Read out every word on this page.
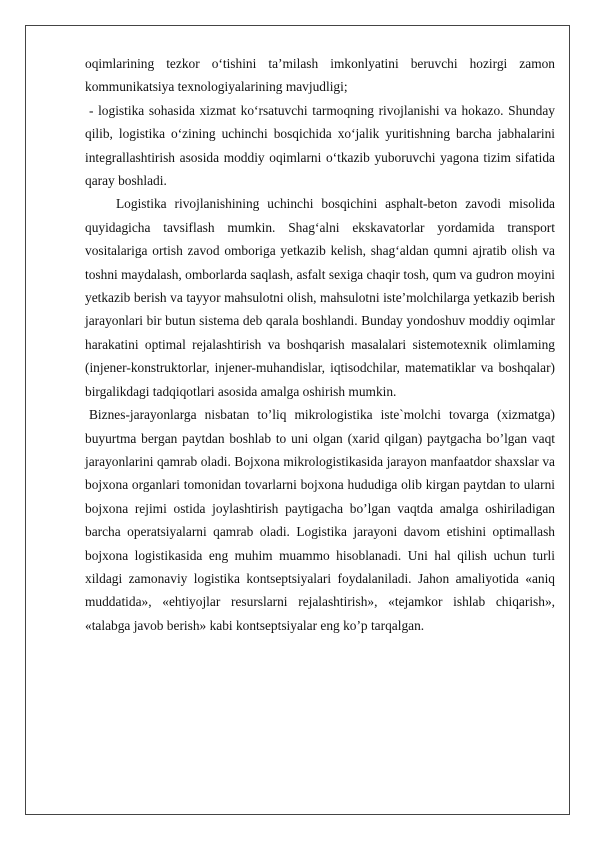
oqimlarining tezkor o‘tishini ta’milash imkonlyatini beruvchi hozirgi zamon kommunikatsiya texnologiyalarining mavjudligi;

- logistika sohasida xizmat ko‘rsatuvchi tarmoqning rivojlanishi va hokazo. Shunday qilib, logistika o‘zining uchinchi bosqichida xo‘jalik yuritishning barcha jabhalarini integrallashtirish asosida moddiy oqimlarni o‘tkazib yuboruvchi yagona tizim sifatida qaray boshladi.

Logistika rivojlanishining uchinchi bosqichini asphalt-beton zavodi misolida quyidagicha tavsiflash mumkin. Shag‘alni ekskavatorlar yordamida transport vositalariga ortish zavod omboriga yetkazib kelish, shag‘aldan qumni ajratib olish va toshni maydalash, omborlarda saqlash, asfalt sexiga chaqir tosh, qum va gudron moyini yetkazib berish va tayyor mahsulotni olish, mahsulotni iste’molchilarga yetkazib berish jarayonlari bir butun sistema deb qarala boshlandi. Bunday yondoshuv moddiy oqimlar harakatini optimal rejalashtirish va boshqarish masalalari sistemotexnik olimlaming (injener-konstruktorlar, injener-muhandislar, iqtisodchilar, matematiklar va boshqalar) birgalikdagi tadqiqotlari asosida amalga oshirish mumkin.

Biznes-jarayonlarga nisbatan to’liq mikrologistika iste`molchi tovarga (xizmatga) buyurtma bergan paytdan boshlab to uni olgan (xarid qilgan) paytgacha bo’lgan vaqt jarayonlarini qamrab oladi. Bojxona mikrologistikasida jarayon manfaatdor shaxslar va bojxona organlari tomonidan tovarlarni bojxona hududiga olib kirgan paytdan to ularni bojxona rejimi ostida joylashtirish paytigacha bo’lgan vaqtda amalga oshiriladigan barcha operatsiyalarni qamrab oladi. Logistika jarayoni davom etishini optimallash bojxona logistikasida eng muhim muammo hisoblanadi. Uni hal qilish uchun turli xildagi zamonaviy logistika kontseptsiyalari foydalaniladi. Jahon amaliyotida «aniq muddatida», «ehtiyojlar resurslarni rejalashtirish», «tejamkor ishlab chiqarish», «talabga javob berish» kabi kontseptsiyalar eng ko’p tarqalgan.
